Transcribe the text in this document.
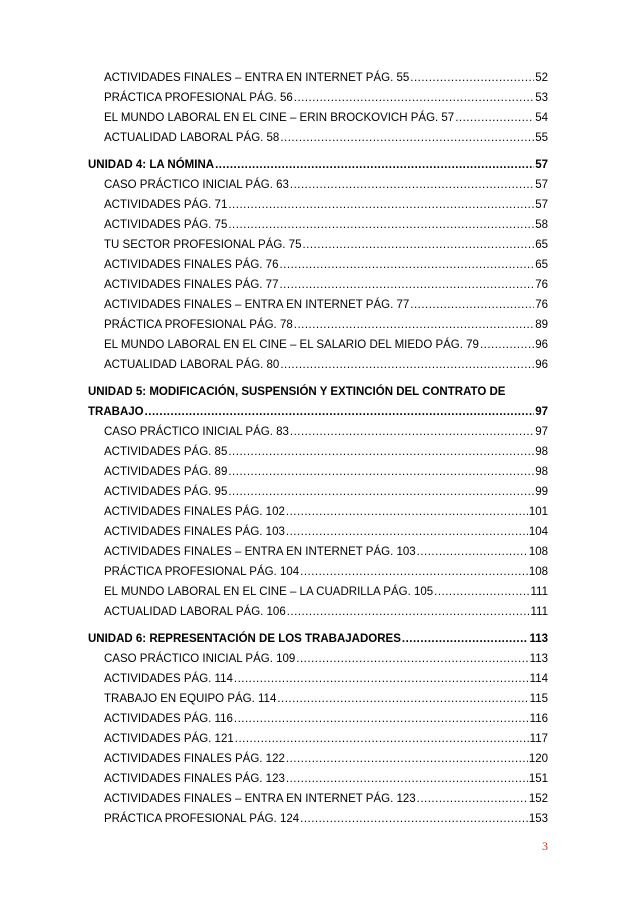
ACTIVIDADES FINALES – ENTRA EN INTERNET PÁG. 55 .....	52
PRÁCTICA PROFESIONAL PÁG. 56 .....	53
EL MUNDO LABORAL EN EL CINE – ERIN BROCKOVICH PÁG. 57 .....	54
ACTUALIDAD LABORAL PÁG. 58 .....	55
UNIDAD 4: LA NÓMINA .....	57
CASO PRÁCTICO INICIAL PÁG. 63 .....	57
ACTIVIDADES PÁG. 71 .....	57
ACTIVIDADES PÁG. 75 .....	58
TU SECTOR PROFESIONAL PÁG. 75 .....	65
ACTIVIDADES FINALES PÁG. 76 .....	65
ACTIVIDADES FINALES PÁG. 77 .....	76
ACTIVIDADES FINALES – ENTRA EN INTERNET PÁG. 77 .....	76
PRÁCTICA PROFESIONAL PÁG. 78 .....	89
EL MUNDO LABORAL EN EL CINE – EL SALARIO DEL MIEDO PÁG. 79 .....	96
ACTUALIDAD LABORAL PÁG. 80 .....	96
UNIDAD 5: MODIFICACIÓN, SUSPENSIÓN Y EXTINCIÓN DEL CONTRATO DE
TRABAJO .....	97
CASO PRÁCTICO INICIAL PÁG. 83 .....	97
ACTIVIDADES PÁG. 85 .....	98
ACTIVIDADES PÁG. 89 .....	98
ACTIVIDADES PÁG. 95 .....	99
ACTIVIDADES FINALES PÁG. 102 .....	101
ACTIVIDADES FINALES PÁG. 103 .....	104
ACTIVIDADES FINALES – ENTRA EN INTERNET PÁG. 103 .....	108
PRÁCTICA PROFESIONAL PÁG. 104 .....	108
EL MUNDO LABORAL EN EL CINE – LA CUADRILLA PÁG. 105 .....	111
ACTUALIDAD LABORAL PÁG. 106 .....	111
UNIDAD 6: REPRESENTACIÓN DE LOS TRABAJADORES .....	113
CASO PRÁCTICO INICIAL PÁG. 109 .....	113
ACTIVIDADES PÁG. 114 .....	114
TRABAJO EN EQUIPO PÁG. 114 .....	115
ACTIVIDADES PÁG. 116 .....	116
ACTIVIDADES PÁG. 121 .....	117
ACTIVIDADES FINALES PÁG. 122 .....	120
ACTIVIDADES FINALES PÁG. 123 .....	151
ACTIVIDADES FINALES – ENTRA EN INTERNET PÁG. 123 .....	152
PRÁCTICA PROFESIONAL PÁG. 124 .....	153
3
